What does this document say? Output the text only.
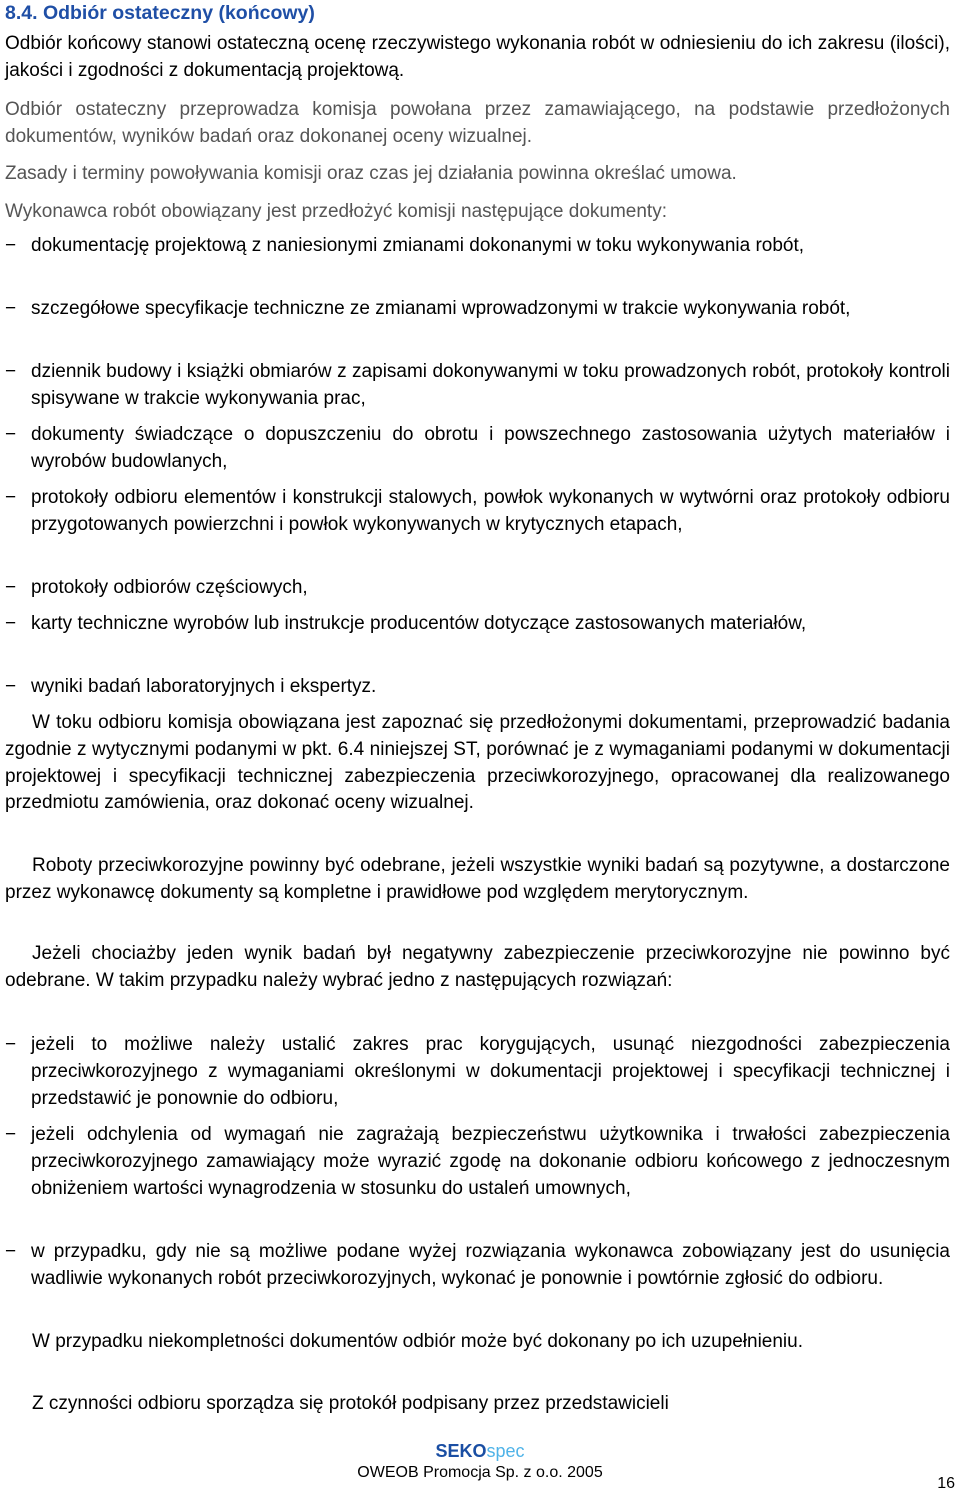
8.4. Odbiór ostateczny (końcowy)

Odbiór końcowy stanowi ostateczną ocenę rzeczywistego wykonania robót w odniesieniu do ich zakresu (ilości), jakości i zgodności z dokumentacją projektową.

Odbiór ostateczny przeprowadza komisja powołana przez zamawiającego, na podstawie przedłożonych dokumentów, wyników badań oraz dokonanej oceny wizualnej.

Zasady i terminy powoływania komisji oraz czas jej działania powinna określać umowa.

Wykonawca robót obowiązany jest przedłożyć komisji następujące dokumenty:

− dokumentację projektową z naniesionymi zmianami dokonanymi w toku wykonywania robót,
− szczegółowe specyfikacje techniczne ze zmianami wprowadzonymi w trakcie wykonywania robót,
− dziennik budowy i książki obmiarów z zapisami dokonywanymi w toku prowadzonych robót, protokoły kontroli spisywane w trakcie wykonywania prac,
− dokumenty świadczące o dopuszczeniu do obrotu i powszechnego zastosowania użytych materiałów i wyrobów budowlanych,
− protokoły odbioru elementów i konstrukcji stalowych, powłok wykonanych w wytwórni oraz protokoły odbioru przygotowanych powierzchni i powłok wykonywanych w krytycznych etapach,
− protokoły odbiorów częściowych,
− karty techniczne wyrobów lub instrukcje producentów dotyczące zastosowanych materiałów,
− wyniki badań laboratoryjnych i ekspertyz.

W toku odbioru komisja obowiązana jest zapoznać się przedłożonymi dokumentami, przeprowadzić badania zgodnie z wytycznymi podanymi w pkt. 6.4 niniejszej ST, porównać je z wymaganiami podanymi w dokumentacji projektowej i specyfikacji technicznej zabezpieczenia przeciwkorozyjnego, opracowanej dla realizowanego przedmiotu zamówienia, oraz dokonać oceny wizualnej.

Roboty przeciwkorozyjne powinny być odebrane, jeżeli wszystkie wyniki badań są pozytywne, a dostarczone przez wykonawcę dokumenty są kompletne i prawidłowe pod względem merytorycznym.

Jeżeli chociażby jeden wynik badań był negatywny zabezpieczenie przeciwkorozyjne nie powinno być odebrane. W takim przypadku należy wybrać jedno z następujących rozwiązań:

− jeżeli to możliwe należy ustalić zakres prac korygujących, usunąć niezgodności zabezpieczenia przeciwkorozyjnego z wymaganiami określonymi w dokumentacji projektowej i specyfikacji technicznej i przedstawić je ponownie do odbioru,
− jeżeli odchylenia od wymagań nie zagrażają bezpieczeństwu użytkownika i trwałości zabezpieczenia przeciwkorozyjnego zamawiający może wyrazić zgodę na dokonanie odbioru końcowego z jednoczesnym obniżeniem wartości wynagrodzenia w stosunku do ustaleń umownych,
− w przypadku, gdy nie są możliwe podane wyżej rozwiązania wykonawca zobowiązany jest do usunięcia wadliwie wykonanych robót przeciwkorozyjnych, wykonać je ponownie i powtórnie zgłosić do odbioru.

W przypadku niekompletności dokumentów odbiór może być dokonany po ich uzupełnieniu.

Z czynności odbioru sporządza się protokół podpisany przez przedstawicieli

SEKOspec
OWEOB Promocja Sp. z o.o. 2005
16
